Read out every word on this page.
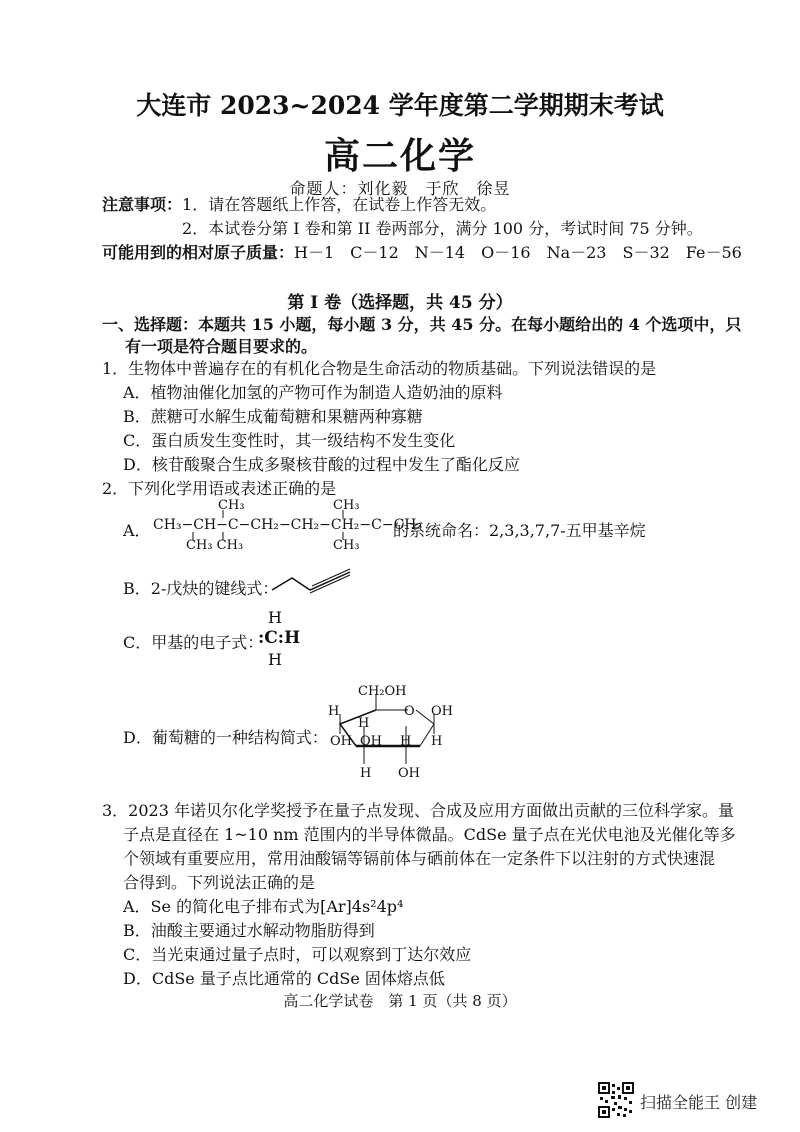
大连市 2023~2024 学年度第二学期期末考试
高二化学
命题人：刘化毅　于欣　徐昱
注意事项：1．请在答题纸上作答，在试卷上作答无效。
2．本试卷分第 I 卷和第 II 卷两部分，满分 100 分，考试时间 75 分钟。
可能用到的相对原子质量：H－1　C－12　N－14　O－16　Na－23　S－32　Fe－56
第 I 卷（选择题，共 45 分）
一、选择题：本题共 15 小题，每小题 3 分，共 45 分。在每小题给出的 4 个选项中，只
有一项是符合题目要求的。
1．生物体中普遍存在的有机化合物是生命活动的物质基础。下列说法错误的是
A．植物油催化加氢的产物可作为制造人造奶油的原料
B．蔗糖可水解生成葡萄糖和果糖两种寡糖
C．蛋白质发生变性时，其一级结构不发生变化
D．核苷酸聚合生成多聚核苷酸的过程中发生了酯化反应
2．下列化学用语或表述正确的是
A．
CH₃	CH₃
CH₃−CH−C−CH₂−CH₂−CH₂−C−CH₃
CH₃ CH₃	CH₃
的系统命名：2,3,3,7,7-五甲基辛烷
B．2-戊炔的键线式：
C．甲基的电子式：
H
:C:H
H
D．葡萄糖的一种结构简式：
CH₂OH
O
H
H
OH
OH OH H H
H OH
3．2023 年诺贝尔化学奖授予在量子点发现、合成及应用方面做出贡献的三位科学家。量
子点是直径在 1~10 nm 范围内的半导体微晶。CdSe 量子点在光伏电池及光催化等多
个领域有重要应用，常用油酸镉等镉前体与硒前体在一定条件下以注射的方式快速混
合得到。下列说法正确的是
A．Se 的简化电子排布式为[Ar]4s²4p⁴
B．油酸主要通过水解动物脂肪得到
C．当光束通过量子点时，可以观察到丁达尔效应
D．CdSe 量子点比通常的 CdSe 固体熔点低
高二化学试卷　第 1 页（共 8 页）
扫描全能王 创建
